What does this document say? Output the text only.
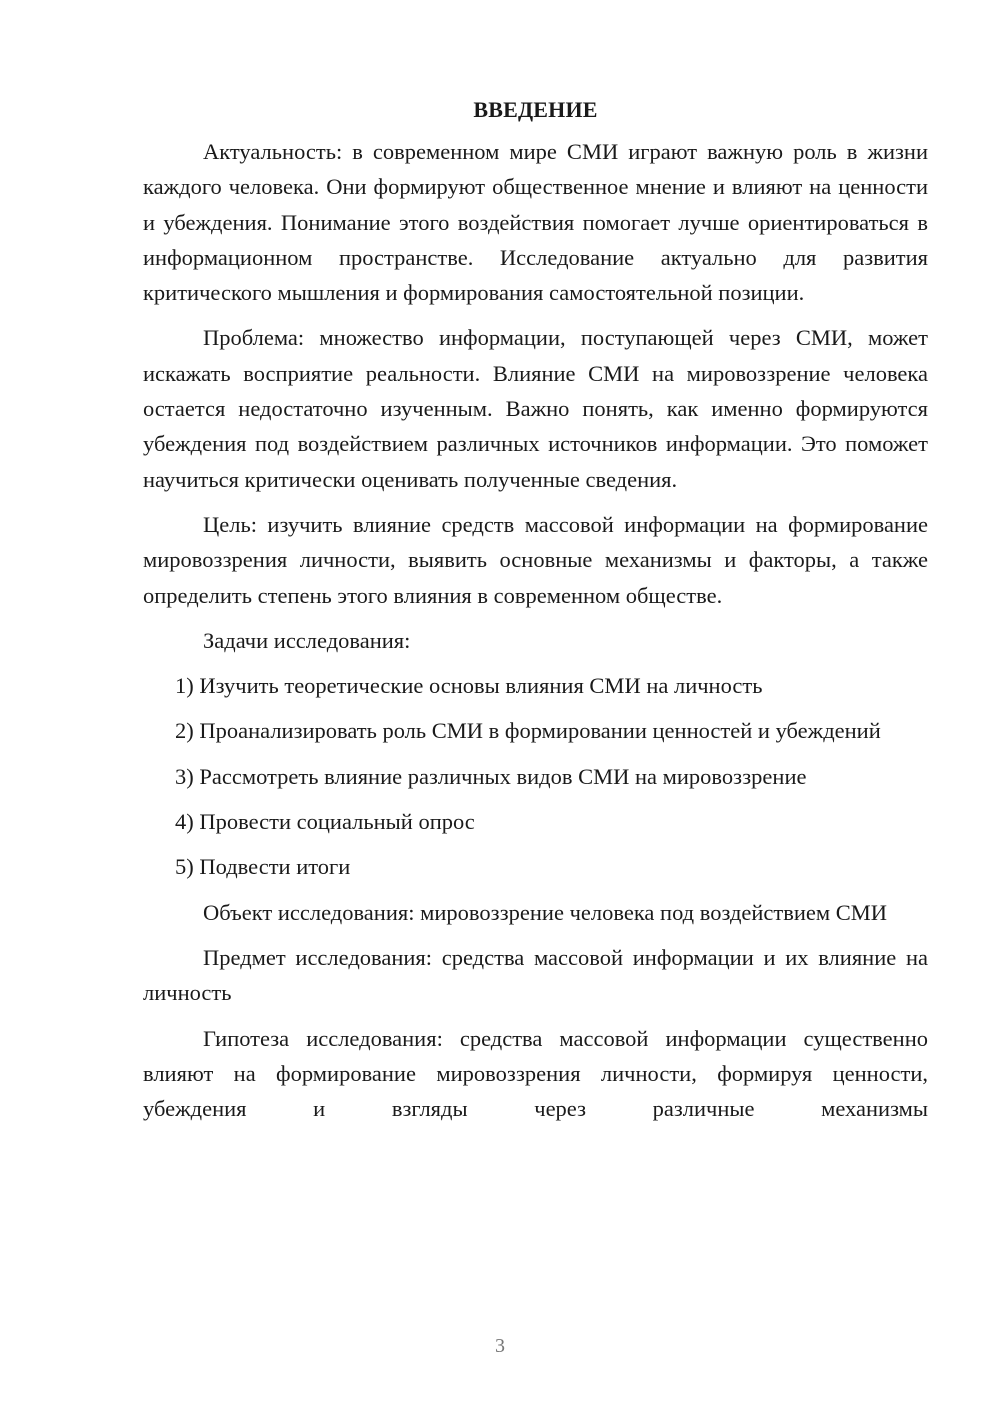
ВВЕДЕНИЕ

Актуальность: в современном мире СМИ играют важную роль в жизни каждого человека. Они формируют общественное мнение и влияют на ценности и убеждения. Понимание этого воздействия помогает лучше ориентироваться в информационном пространстве. Исследование актуально для развития критического мышления и формирования самостоятельной позиции.

Проблема: множество информации, поступающей через СМИ, может искажать восприятие реальности. Влияние СМИ на мировоззрение человека остается недостаточно изученным. Важно понять, как именно формируются убеждения под воздействием различных источников информации. Это поможет научиться критически оценивать полученные сведения.

Цель: изучить влияние средств массовой информации на формирование мировоззрения личности, выявить основные механизмы и факторы, а также определить степень этого влияния в современном обществе.

Задачи исследования:

1) Изучить теоретические основы влияния СМИ на личность

2) Проанализировать роль СМИ в формировании ценностей и убеждений

3) Рассмотреть влияние различных видов СМИ на мировоззрение

4) Провести социальный опрос

5) Подвести итоги

Объект исследования: мировоззрение человека под воздействием СМИ

Предмет исследования: средства массовой информации и их влияние на личность

Гипотеза исследования: средства массовой информации существенно влияют на формирование мировоззрения личности, формируя ценности, убеждения и взгляды через различные механизмы

3
